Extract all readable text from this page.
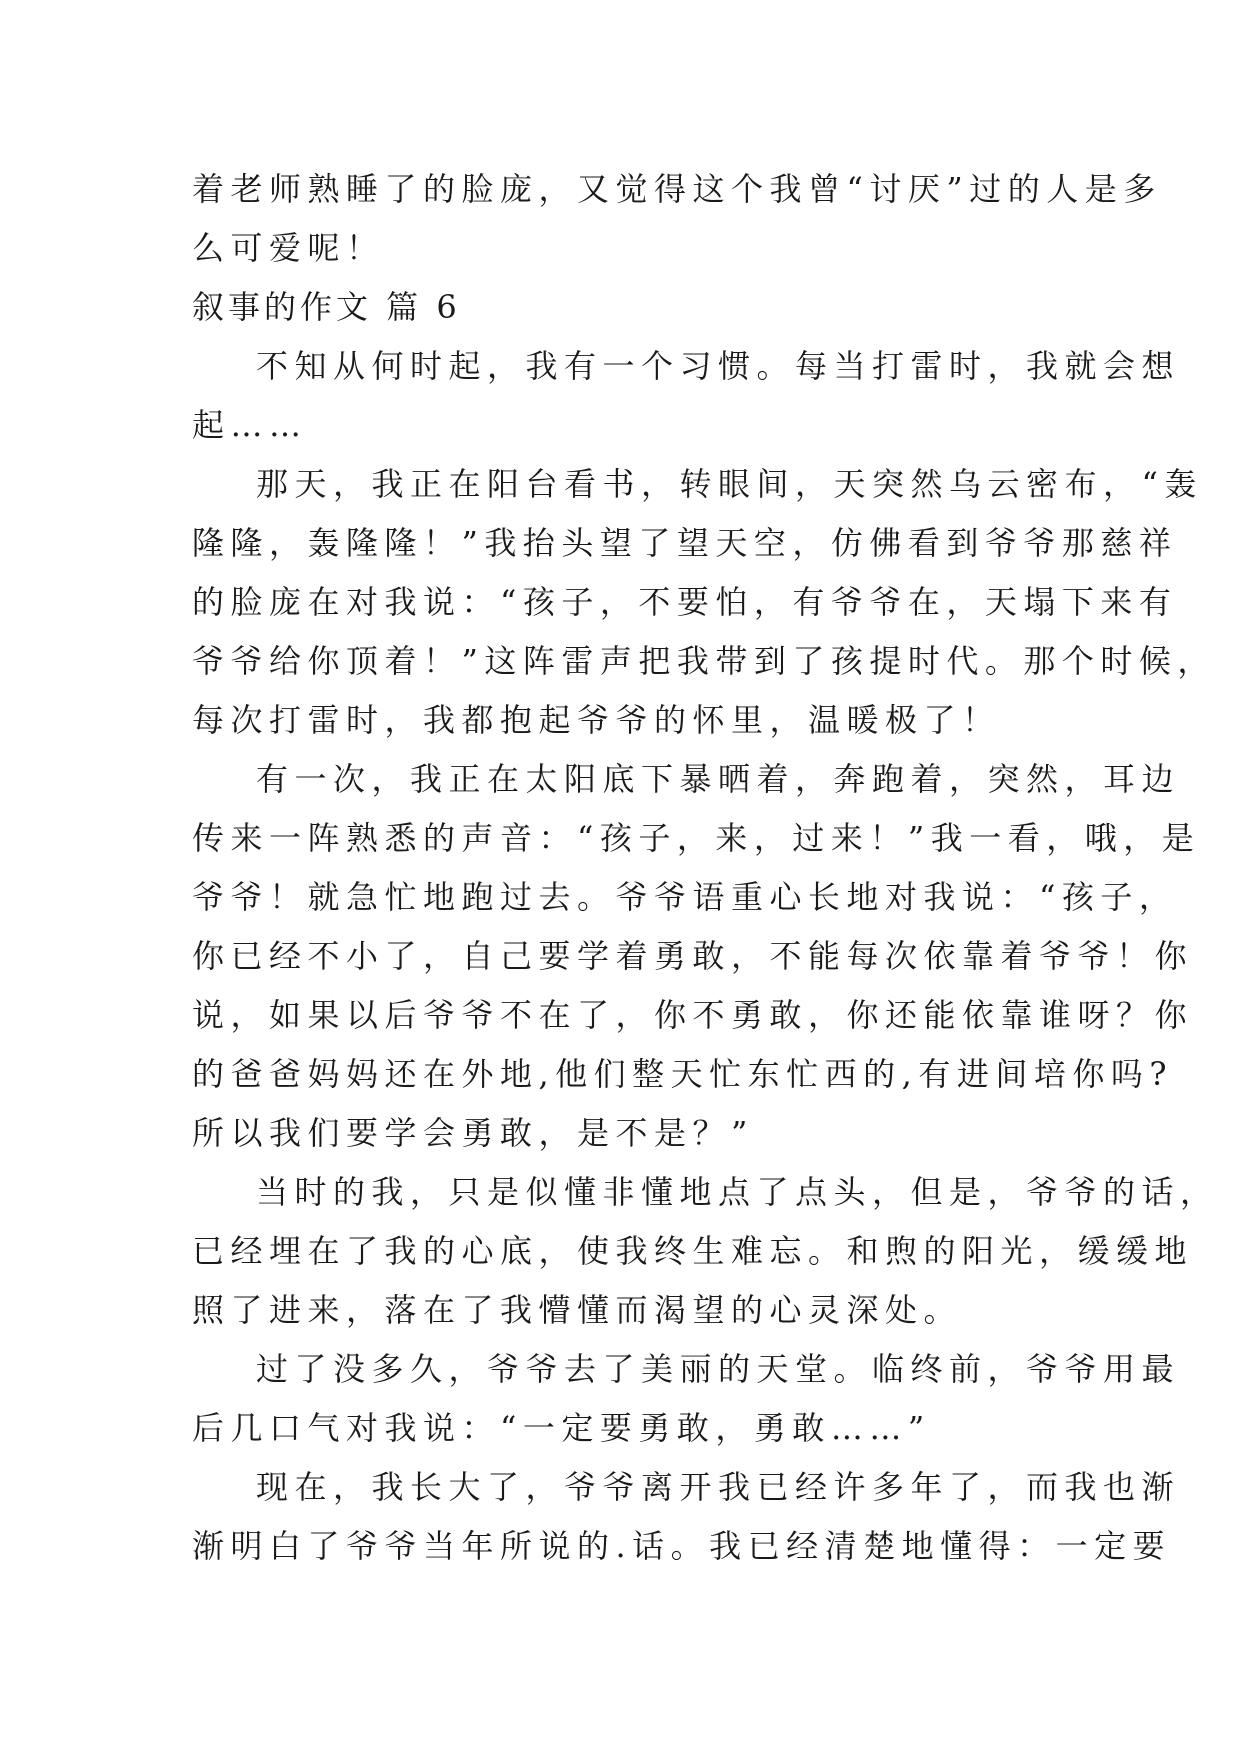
着老师熟睡了的脸庞，又觉得这个我曾“讨厌”过的人是多
么可爱呢！
叙事的作文 篇 6
不知从何时起，我有一个习惯。每当打雷时，我就会想
起……
那天，我正在阳台看书，转眼间，天突然乌云密布，“轰
隆隆，轰隆隆！”我抬头望了望天空，仿佛看到爷爷那慈祥
的脸庞在对我说：“孩子，不要怕，有爷爷在，天塌下来有
爷爷给你顶着！”这阵雷声把我带到了孩提时代。那个时候，
每次打雷时，我都抱起爷爷的怀里，温暖极了！
有一次，我正在太阳底下暴晒着，奔跑着，突然，耳边
传来一阵熟悉的声音：“孩子，来，过来！”我一看，哦，是
爷爷！就急忙地跑过去。爷爷语重心长地对我说：“孩子，
你已经不小了，自己要学着勇敢，不能每次依靠着爷爷！你
说，如果以后爷爷不在了，你不勇敢，你还能依靠谁呀？你
的爸爸妈妈还在外地,他们整天忙东忙西的,有进间培你吗?
所以我们要学会勇敢，是不是？”
当时的我，只是似懂非懂地点了点头，但是，爷爷的话，
已经埋在了我的心底，使我终生难忘。和煦的阳光，缓缓地
照了进来，落在了我懵懂而渴望的心灵深处。
过了没多久，爷爷去了美丽的天堂。临终前，爷爷用最
后几口气对我说：“一定要勇敢，勇敢……”
现在，我长大了，爷爷离开我已经许多年了，而我也渐
渐明白了爷爷当年所说的.话。我已经清楚地懂得：一定要
